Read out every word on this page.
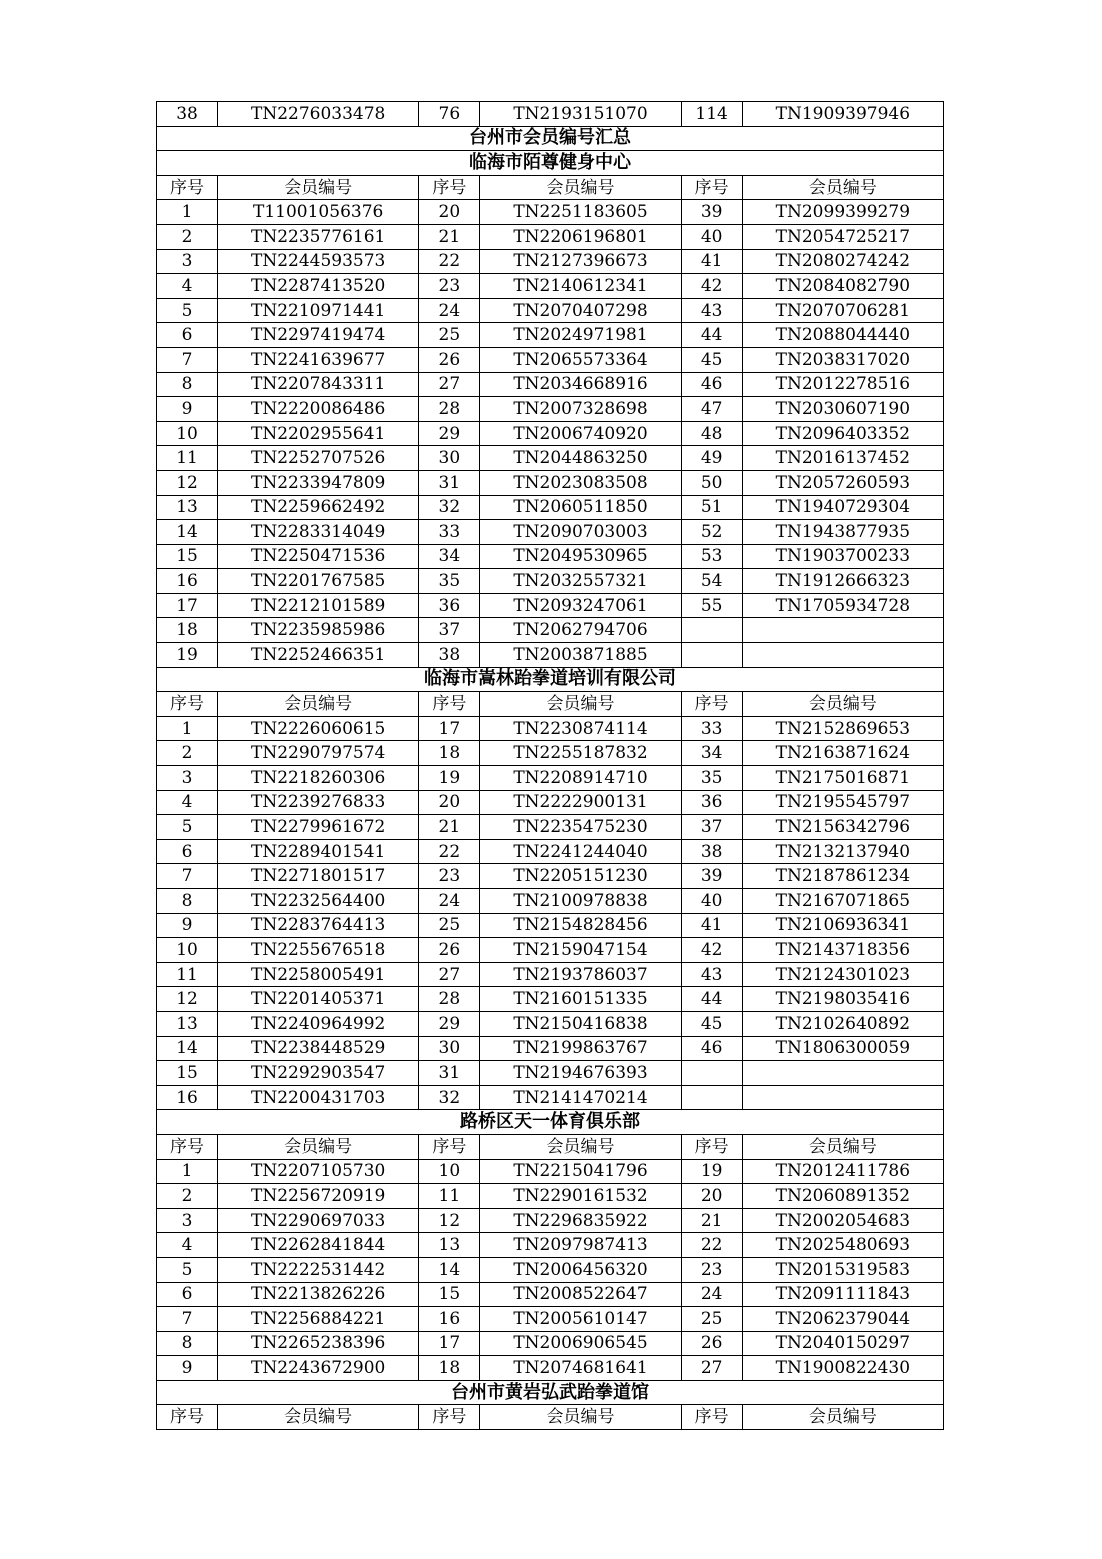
38	TN2276033478	76	TN2193151070	114	TN1909397946
台州市会员编号汇总					
临海市陌尊健身中心					
序号	会员编号	序号	会员编号	序号	会员编号
1	T11001056376	20	TN2251183605	39	TN2099399279
2	TN2235776161	21	TN2206196801	40	TN2054725217
3	TN2244593573	22	TN2127396673	41	TN2080274242
4	TN2287413520	23	TN2140612341	42	TN2084082790
5	TN2210971441	24	TN2070407298	43	TN2070706281
6	TN2297419474	25	TN2024971981	44	TN2088044440
7	TN2241639677	26	TN2065573364	45	TN2038317020
8	TN2207843311	27	TN2034668916	46	TN2012278516
9	TN2220086486	28	TN2007328698	47	TN2030607190
10	TN2202955641	29	TN2006740920	48	TN2096403352
11	TN2252707526	30	TN2044863250	49	TN2016137452
12	TN2233947809	31	TN2023083508	50	TN2057260593
13	TN2259662492	32	TN2060511850	51	TN1940729304
14	TN2283314049	33	TN2090703003	52	TN1943877935
15	TN2250471536	34	TN2049530965	53	TN1903700233
16	TN2201767585	35	TN2032557321	54	TN1912666323
17	TN2212101589	36	TN2093247061	55	TN1705934728
18	TN2235985986	37	TN2062794706		
19	TN2252466351	38	TN2003871885		
临海市嵩林跆拳道培训有限公司					
序号	会员编号	序号	会员编号	序号	会员编号
1	TN2226060615	17	TN2230874114	33	TN2152869653
2	TN2290797574	18	TN2255187832	34	TN2163871624
3	TN2218260306	19	TN2208914710	35	TN2175016871
4	TN2239276833	20	TN2222900131	36	TN2195545797
5	TN2279961672	21	TN2235475230	37	TN2156342796
6	TN2289401541	22	TN2241244040	38	TN2132137940
7	TN2271801517	23	TN2205151230	39	TN2187861234
8	TN2232564400	24	TN2100978838	40	TN2167071865
9	TN2283764413	25	TN2154828456	41	TN2106936341
10	TN2255676518	26	TN2159047154	42	TN2143718356
11	TN2258005491	27	TN2193786037	43	TN2124301023
12	TN2201405371	28	TN2160151335	44	TN2198035416
13	TN2240964992	29	TN2150416838	45	TN2102640892
14	TN2238448529	30	TN2199863767	46	TN1806300059
15	TN2292903547	31	TN2194676393		
16	TN2200431703	32	TN2141470214		
路桥区天一体育俱乐部					
序号	会员编号	序号	会员编号	序号	会员编号
1	TN2207105730	10	TN2215041796	19	TN2012411786
2	TN2256720919	11	TN2290161532	20	TN2060891352
3	TN2290697033	12	TN2296835922	21	TN2002054683
4	TN2262841844	13	TN2097987413	22	TN2025480693
5	TN2222531442	14	TN2006456320	23	TN2015319583
6	TN2213826226	15	TN2008522647	24	TN2091111843
7	TN2256884221	16	TN2005610147	25	TN2062379044
8	TN2265238396	17	TN2006906545	26	TN2040150297
9	TN2243672900	18	TN2074681641	27	TN1900822430
台州市黄岩弘武跆拳道馆					
序号	会员编号	序号	会员编号	序号	会员编号
